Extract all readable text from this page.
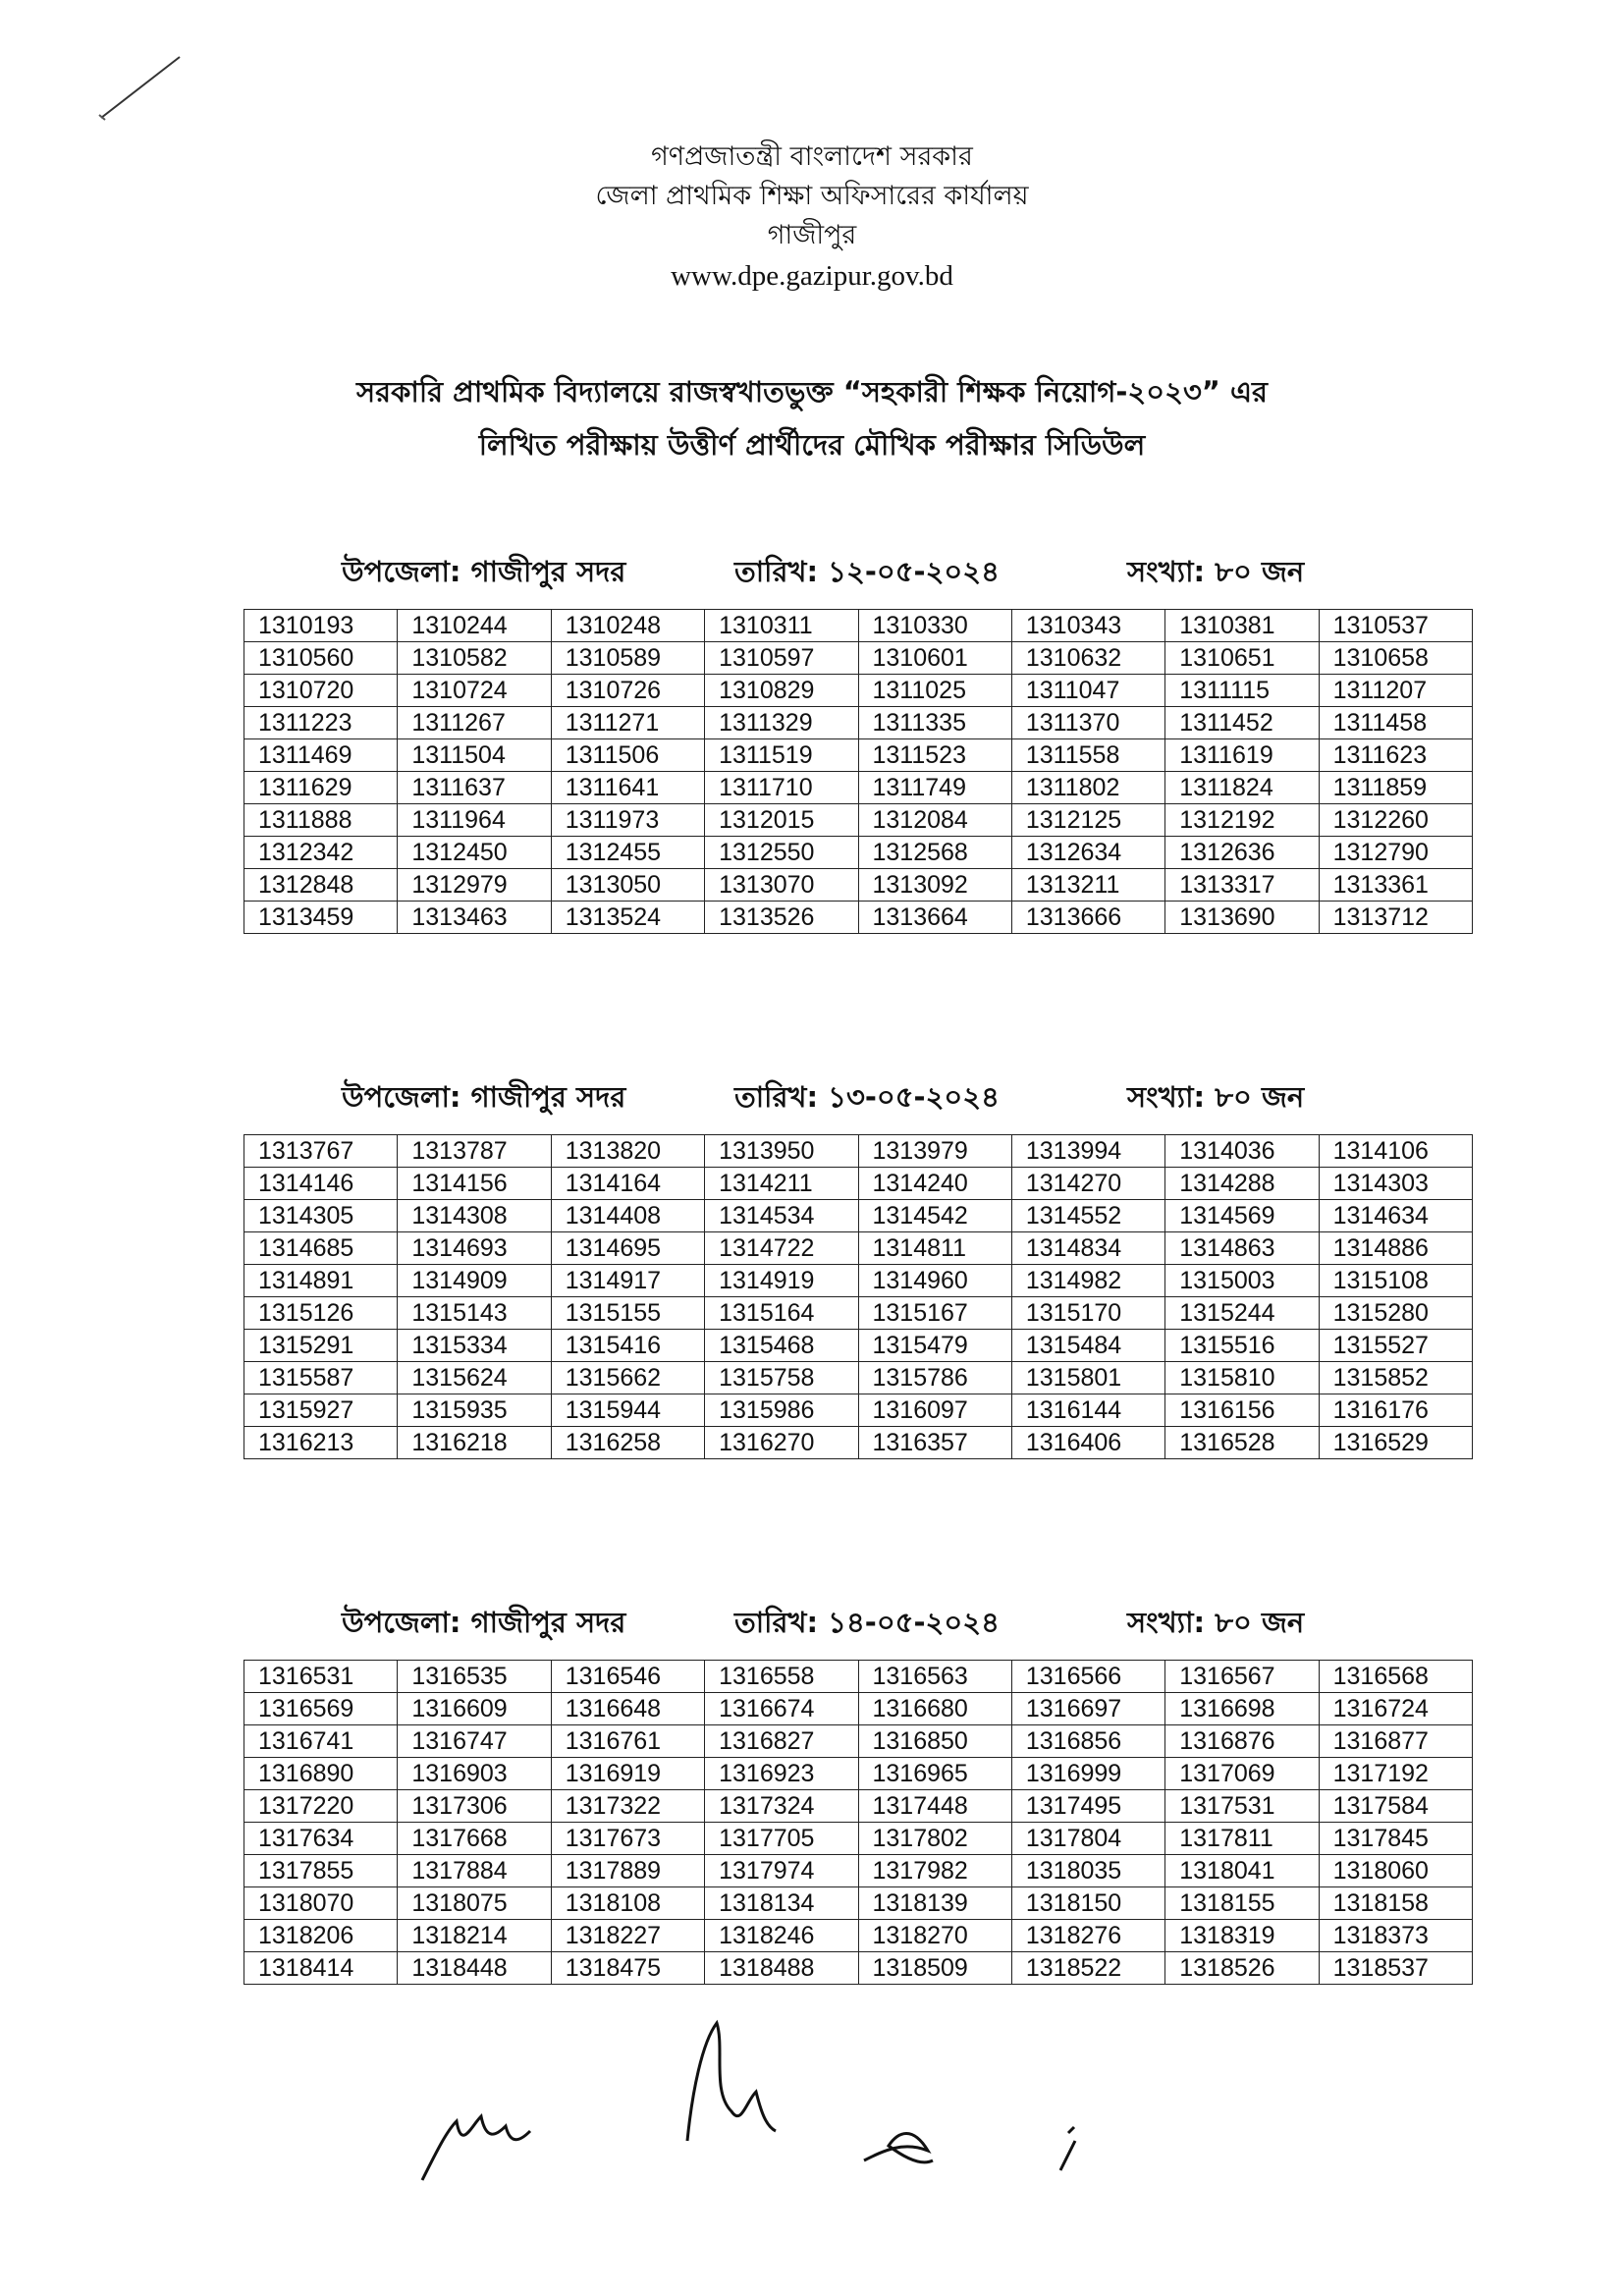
গণপ্রজাতন্ত্রী বাংলাদেশ সরকার
জেলা প্রাথমিক শিক্ষা অফিসারের কার্যালয়
গাজীপুর
www.dpe.gazipur.gov.bd
সরকারি প্রাথমিক বিদ্যালয়ে রাজস্বখাতভুক্ত “সহকারী শিক্ষক নিয়োগ-২০২৩” এর
লিখিত পরীক্ষায় উত্তীর্ণ প্রার্থীদের মৌখিক পরীক্ষার সিডিউল
উপজেলা: গাজীপুর সদর	তারিখ: ১২-০৫-২০২৪	সংখ্যা: ৮০ জন
1310193	1310244	1310248	1310311	1310330	1310343	1310381	1310537
1310560	1310582	1310589	1310597	1310601	1310632	1310651	1310658
1310720	1310724	1310726	1310829	1311025	1311047	1311115	1311207
1311223	1311267	1311271	1311329	1311335	1311370	1311452	1311458
1311469	1311504	1311506	1311519	1311523	1311558	1311619	1311623
1311629	1311637	1311641	1311710	1311749	1311802	1311824	1311859
1311888	1311964	1311973	1312015	1312084	1312125	1312192	1312260
1312342	1312450	1312455	1312550	1312568	1312634	1312636	1312790
1312848	1312979	1313050	1313070	1313092	1313211	1313317	1313361
1313459	1313463	1313524	1313526	1313664	1313666	1313690	1313712
উপজেলা: গাজীপুর সদর	তারিখ: ১৩-০৫-২০২৪	সংখ্যা: ৮০ জন
1313767	1313787	1313820	1313950	1313979	1313994	1314036	1314106
1314146	1314156	1314164	1314211	1314240	1314270	1314288	1314303
1314305	1314308	1314408	1314534	1314542	1314552	1314569	1314634
1314685	1314693	1314695	1314722	1314811	1314834	1314863	1314886
1314891	1314909	1314917	1314919	1314960	1314982	1315003	1315108
1315126	1315143	1315155	1315164	1315167	1315170	1315244	1315280
1315291	1315334	1315416	1315468	1315479	1315484	1315516	1315527
1315587	1315624	1315662	1315758	1315786	1315801	1315810	1315852
1315927	1315935	1315944	1315986	1316097	1316144	1316156	1316176
1316213	1316218	1316258	1316270	1316357	1316406	1316528	1316529
উপজেলা: গাজীপুর সদর	তারিখ: ১৪-০৫-২০২৪	সংখ্যা: ৮০ জন
1316531	1316535	1316546	1316558	1316563	1316566	1316567	1316568
1316569	1316609	1316648	1316674	1316680	1316697	1316698	1316724
1316741	1316747	1316761	1316827	1316850	1316856	1316876	1316877
1316890	1316903	1316919	1316923	1316965	1316999	1317069	1317192
1317220	1317306	1317322	1317324	1317448	1317495	1317531	1317584
1317634	1317668	1317673	1317705	1317802	1317804	1317811	1317845
1317855	1317884	1317889	1317974	1317982	1318035	1318041	1318060
1318070	1318075	1318108	1318134	1318139	1318150	1318155	1318158
1318206	1318214	1318227	1318246	1318270	1318276	1318319	1318373
1318414	1318448	1318475	1318488	1318509	1318522	1318526	1318537
